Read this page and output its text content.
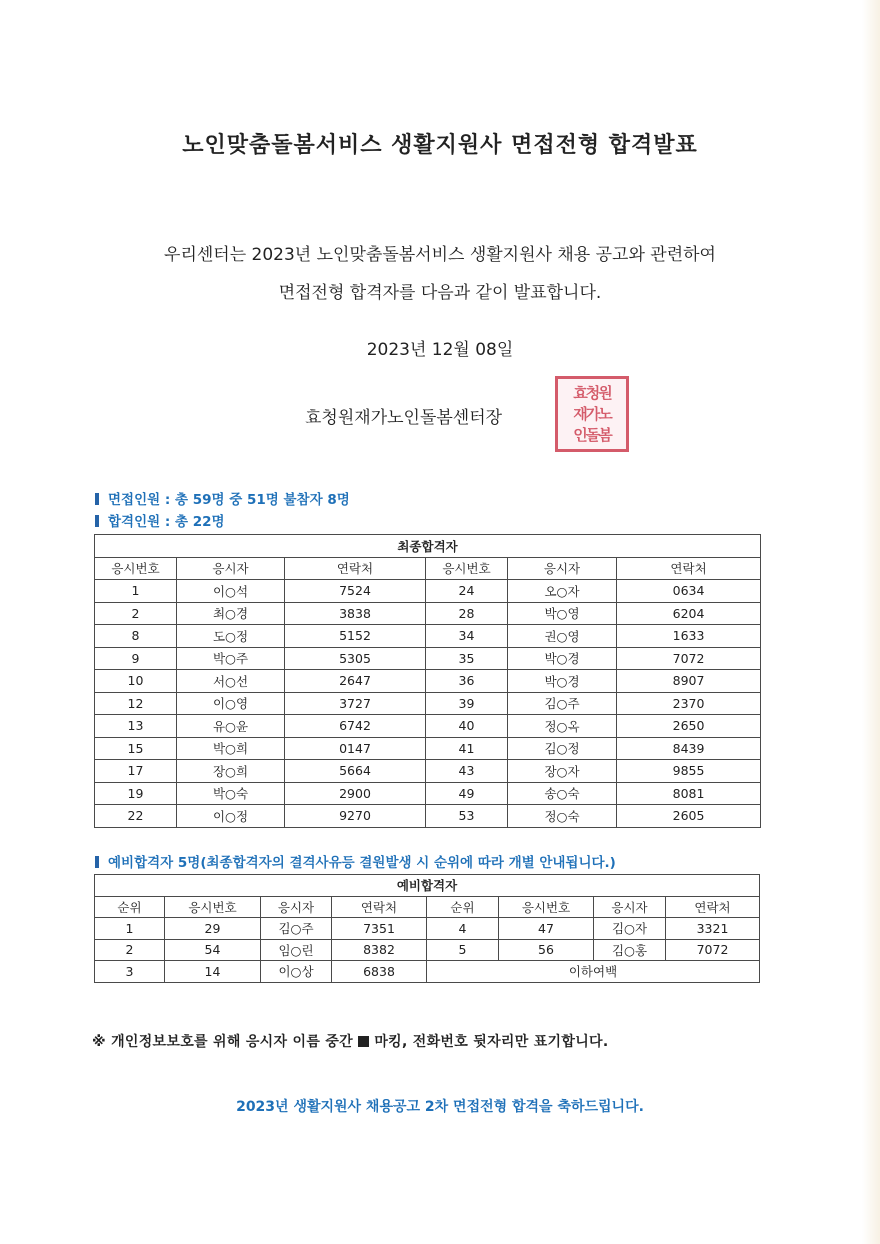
노인맞춤돌봄서비스 생활지원사 면접전형 합격발표
우리센터는 2023년 노인맞춤돌봄서비스 생활지원사 채용 공고와 관련하여
면접전형 합격자를 다음과 같이 발표합니다.
2023년 12월 08일
효청원재가노인돌봄센터장
효청원
재가노
인돌봄
면접인원 : 총 59명 중 51명 불참자 8명
합격인원 : 총 22명
최종합격자					
응시번호	응시자	연락처	응시번호	응시자	연락처
1	이○석	7524	24	오○자	0634
2	최○경	3838	28	박○영	6204
8	도○정	5152	34	권○영	1633
9	박○주	5305	35	박○경	7072
10	서○선	2647	36	박○경	8907
12	이○영	3727	39	김○주	2370
13	유○윤	6742	40	정○옥	2650
15	박○희	0147	41	김○정	8439
17	장○희	5664	43	장○자	9855
19	박○숙	2900	49	송○숙	8081
22	이○정	9270	53	정○숙	2605
예비합격자 5명(최종합격자의 결격사유등 결원발생 시 순위에 따라 개별 안내됩니다.)
예비합격자							
순위	응시번호	응시자	연락처	순위	응시번호	응시자	연락처
1	29	김○주	7351	4	47	김○자	3321
2	54	임○린	8382	5	56	김○홍	7072
3	14	이○상	6838	이하여백			
※ 개인정보보호를 위해 응시자 이름 중간 마킹, 전화번호 뒷자리만 표기합니다.
2023년 생활지원사 채용공고 2차 면접전형 합격을 축하드립니다.
